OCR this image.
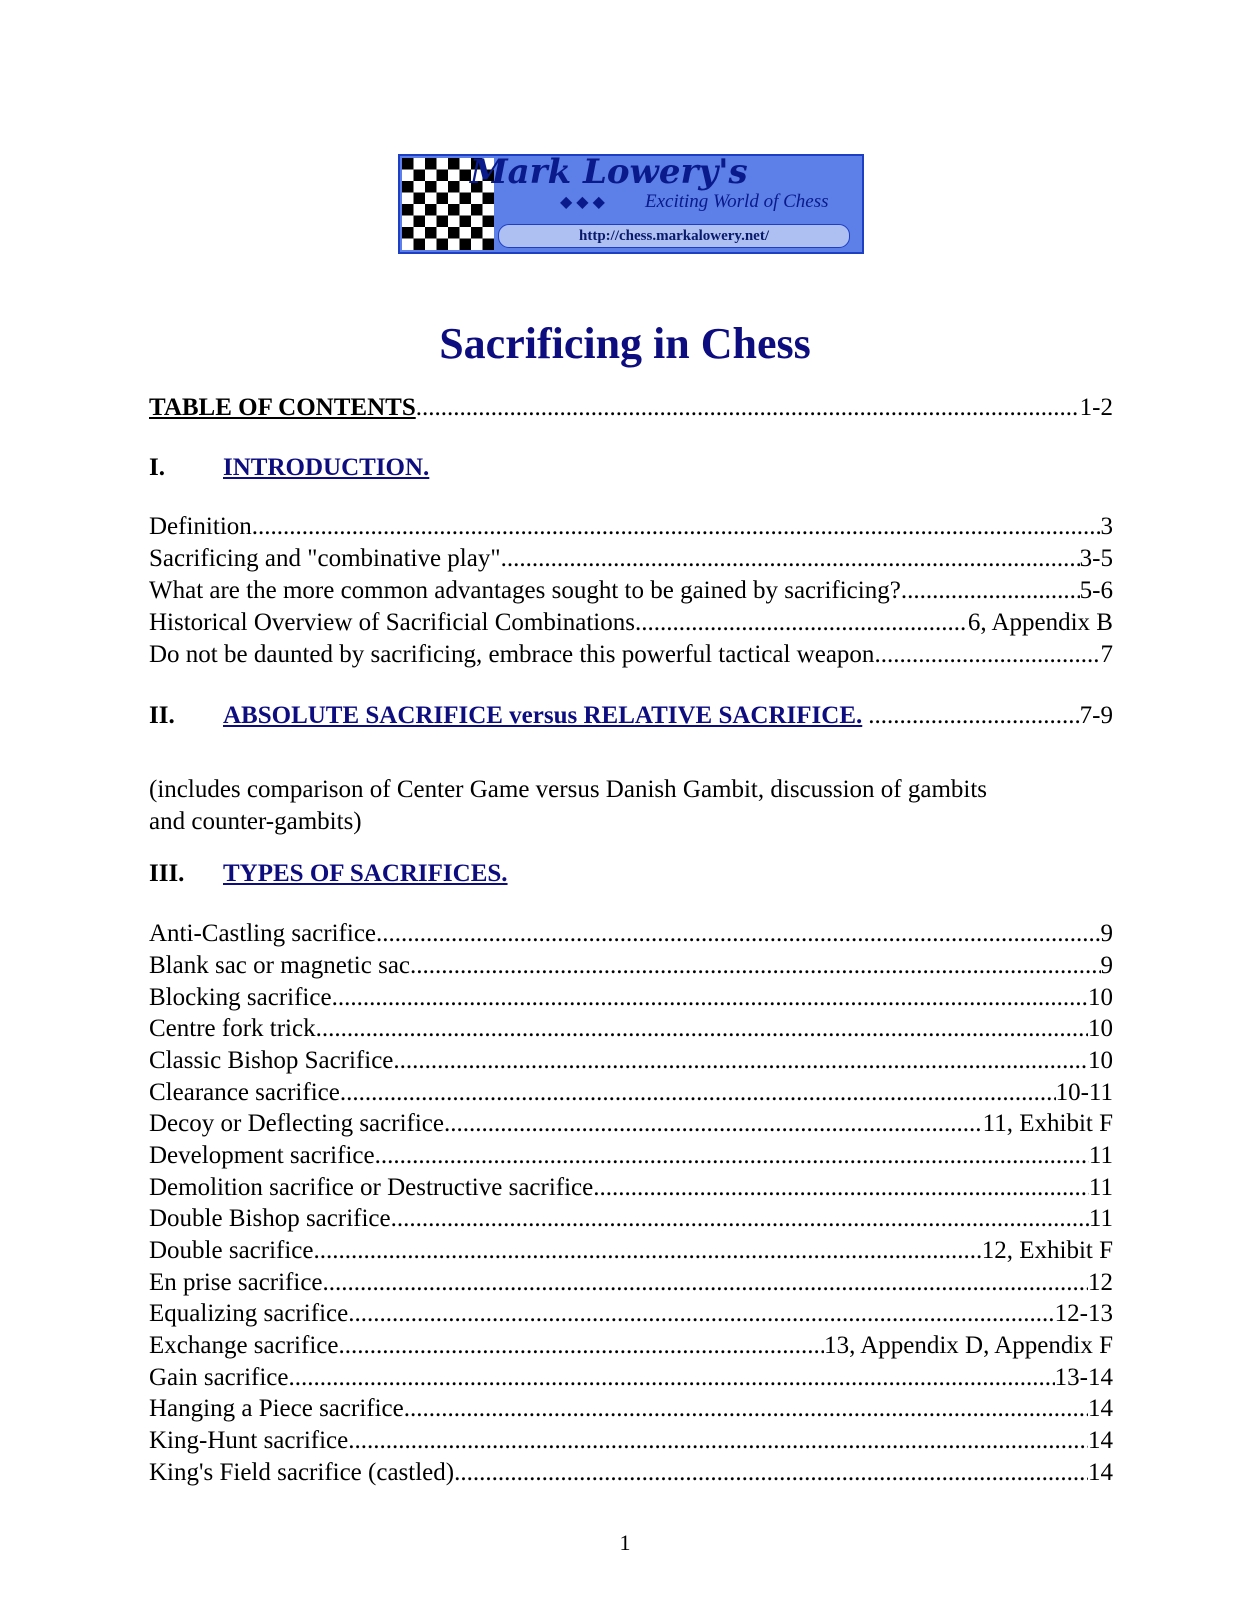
Mark Lowery's
◆◆◆ Exciting World of Chess
http://chess.markalowery.net/
Sacrificing in Chess
TABLE OF CONTENTS .....	1-2
I. INTRODUCTION.
Definition .....	3
Sacrificing and "combinative play" .....	3-5
What are the more common advantages sought to be gained by sacrificing? .....	5-6
Historical Overview of Sacrificial Combinations .....	6, Appendix B
Do not be daunted by sacrificing, embrace this powerful tactical weapon .....	7
II.	ABSOLUTE SACRIFICE versus RELATIVE SACRIFICE. .....	7-9
(includes comparison of Center Game versus Danish Gambit, discussion of gambits and counter-gambits)
III. TYPES OF SACRIFICES.
Anti-Castling sacrifice .....	9
Blank sac or magnetic sac .....	9
Blocking sacrifice .....	10
Centre fork trick .....	10
Classic Bishop Sacrifice .....	10
Clearance sacrifice .....	10-11
Decoy or Deflecting sacrifice .....	11, Exhibit F
Development sacrifice .....	11
Demolition sacrifice or Destructive sacrifice .....	11
Double Bishop sacrifice .....	11
Double sacrifice .....	12, Exhibit F
En prise sacrifice .....	12
Equalizing sacrifice .....	12-13
Exchange sacrifice .....	13, Appendix D, Appendix F
Gain sacrifice .....	13-14
Hanging a Piece sacrifice .....	14
King-Hunt sacrifice .....	14
King's Field sacrifice (castled) .....	14
1
